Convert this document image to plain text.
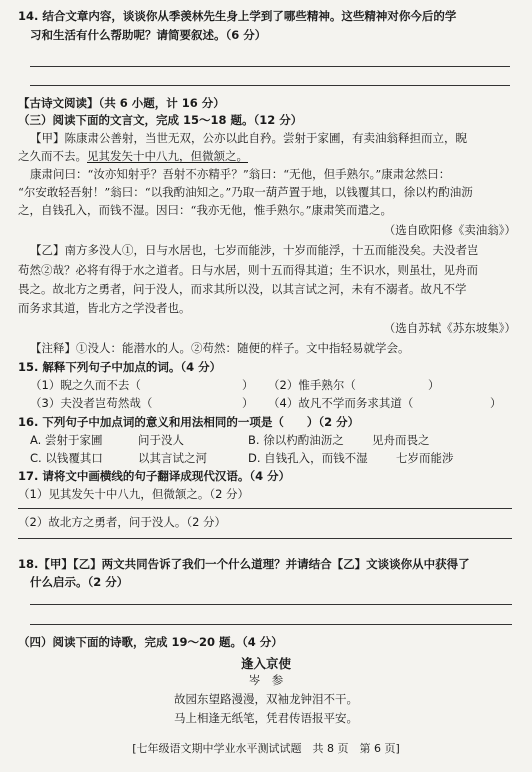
14. 结合文章内容，谈谈你从季羡林先生身上学到了哪些精神。这些精神对你今后的学
习和生活有什么帮助呢？请简要叙述。（6 分）
【古诗文阅读】（共 6 小题，计 16 分）
（三）阅读下面的文言文，完成 15～18 题。（12 分）
【甲】陈康肃公善射，当世无双，公亦以此自矜。尝射于家圃，有卖油翁释担而立，睨
之久而不去。见其发矢十中八九，但微颔之。
康肃问曰：“汝亦知射乎？吾射不亦精乎？”翁曰：“无他，但手熟尔。”康肃忿然曰：
“尔安敢轻吾射！”翁曰：“以我酌油知之。”乃取一葫芦置于地，以钱覆其口，徐以杓酌油沥
之，自钱孔入，而钱不湿。因曰：“我亦无他，惟手熟尔。”康肃笑而遣之。
（选自欧阳修《卖油翁》）
【乙】南方多没人①，日与水居也，七岁而能涉，十岁而能浮，十五而能没矣。夫没者岂
苟然②哉？必将有得于水之道者。日与水居，则十五而得其道；生不识水，则虽壮，见舟而
畏之。故北方之勇者，问于没人，而求其所以没，以其言试之河，未有不溺者。故凡不学
而务求其道，皆北方之学没者也。
（选自苏轼《苏东坡集》）
【注释】①没人：能潜水的人。②苟然：随便的样子。文中指轻易就学会。
15. 解释下列句子中加点的词。（4 分）
（1）睨之久而不去（	） （2）惟手熟尔（	）
（3）夫没者岂苟然哉（	） （4）故凡不学而务求其道（	）
16. 下列句子中加点词的意义和用法相同的一项是（　　）（2 分）
A. 尝射于家圃	问于没人	B. 徐以杓酌油沥之 见舟而畏之
C. 以钱覆其口	以其言试之河	D. 自钱孔入，而钱不湿 七岁而能涉
17. 请将文中画横线的句子翻译成现代汉语。（4 分）
（1）见其发矢十中八九，但微颔之。（2 分）
（2）故北方之勇者，问于没人。（2 分）
18.【甲】【乙】两文共同告诉了我们一个什么道理？并请结合【乙】文谈谈你从中获得了
什么启示。（2 分）
（四）阅读下面的诗歌，完成 19～20 题。（4 分）
逢入京使
岑　参
故园东望路漫漫，双袖龙钟泪不干。
马上相逢无纸笔，凭君传语报平安。
[七年级语文期中学业水平测试试题　共 8 页　第 6 页]
